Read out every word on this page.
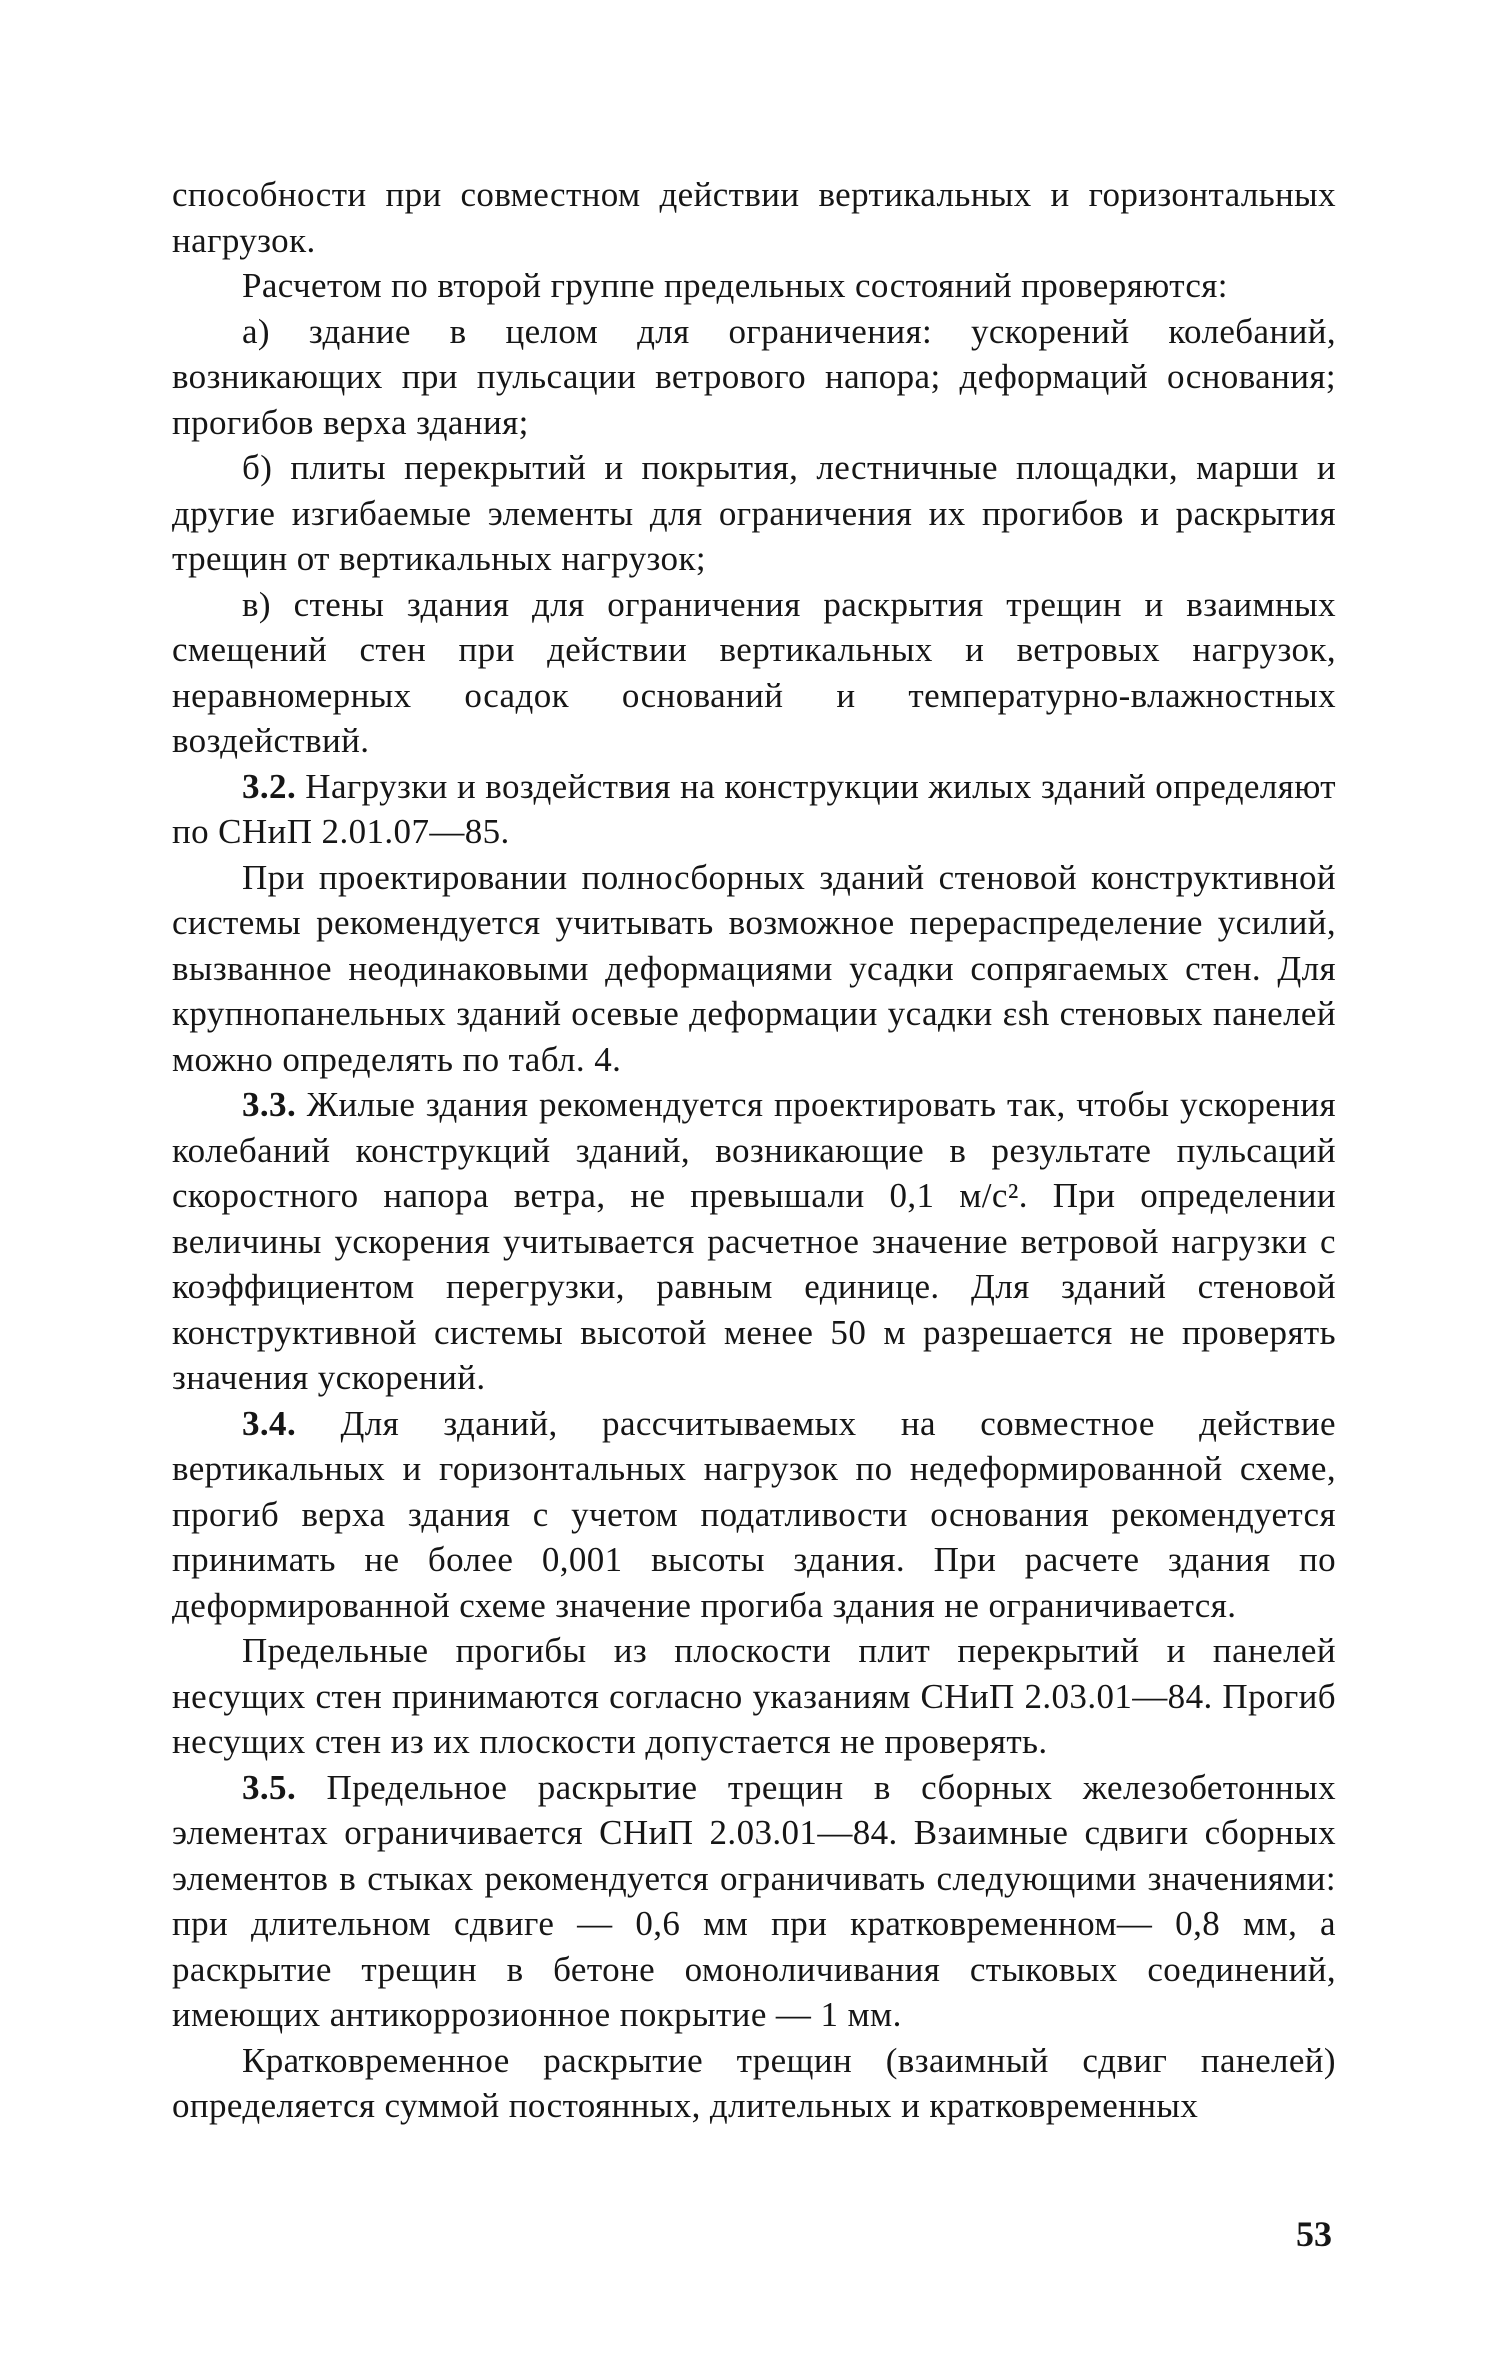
способности при совместном действии вертикальных и горизонтальных нагрузок.

Расчетом по второй группе предельных состояний проверяются:

а) здание в целом для ограничения: ускорений колебаний, возникающих при пульсации ветрового напора; деформаций основания; прогибов верха здания;

б) плиты перекрытий и покрытия, лестничные площадки, марши и другие изгибаемые элементы для ограничения их прогибов и раскрытия трещин от вертикальных нагрузок;

в) стены здания для ограничения раскрытия трещин и взаимных смещений стен при действии вертикальных и ветровых нагрузок, неравномерных осадок оснований и температурно-влажностных воздействий.

3.2. Нагрузки и воздействия на конструкции жилых зданий определяют по СНиП 2.01.07—85.

При проектировании полносборных зданий стеновой конструктивной системы рекомендуется учитывать возможное перераспределение усилий, вызванное неодинаковыми деформациями усадки сопрягаемых стен. Для крупнопанельных зданий осевые деформации усадки εsh стеновых панелей можно определять по табл. 4.

3.3. Жилые здания рекомендуется проектировать так, чтобы ускорения колебаний конструкций зданий, возникающие в результате пульсаций скоростного напора ветра, не превышали 0,1 м/с². При определении величины ускорения учитывается расчетное значение ветровой нагрузки с коэффициентом перегрузки, равным единице. Для зданий стеновой конструктивной системы высотой менее 50 м разрешается не проверять значения ускорений.

3.4. Для зданий, рассчитываемых на совместное действие вертикальных и горизонтальных нагрузок по недеформированной схеме, прогиб верха здания с учетом податливости основания рекомендуется принимать не более 0,001 высоты здания. При расчете здания по деформированной схеме значение прогиба здания не ограничивается.

Предельные прогибы из плоскости плит перекрытий и панелей несущих стен принимаются согласно указаниям СНиП 2.03.01—84. Прогиб несущих стен из их плоскости допустается не проверять.

3.5. Предельное раскрытие трещин в сборных железобетонных элементах ограничивается СНиП 2.03.01—84. Взаимные сдвиги сборных элементов в стыках рекомендуется ограничивать следующими значениями: при длительном сдвиге — 0,6 мм при кратковременном— 0,8 мм, а раскрытие трещин в бетоне омоноличивания стыковых соединений, имеющих антикоррозионное покрытие — 1 мм.

Кратковременное раскрытие трещин (взаимный сдвиг панелей) определяется суммой постоянных, длительных и кратковременных

53
